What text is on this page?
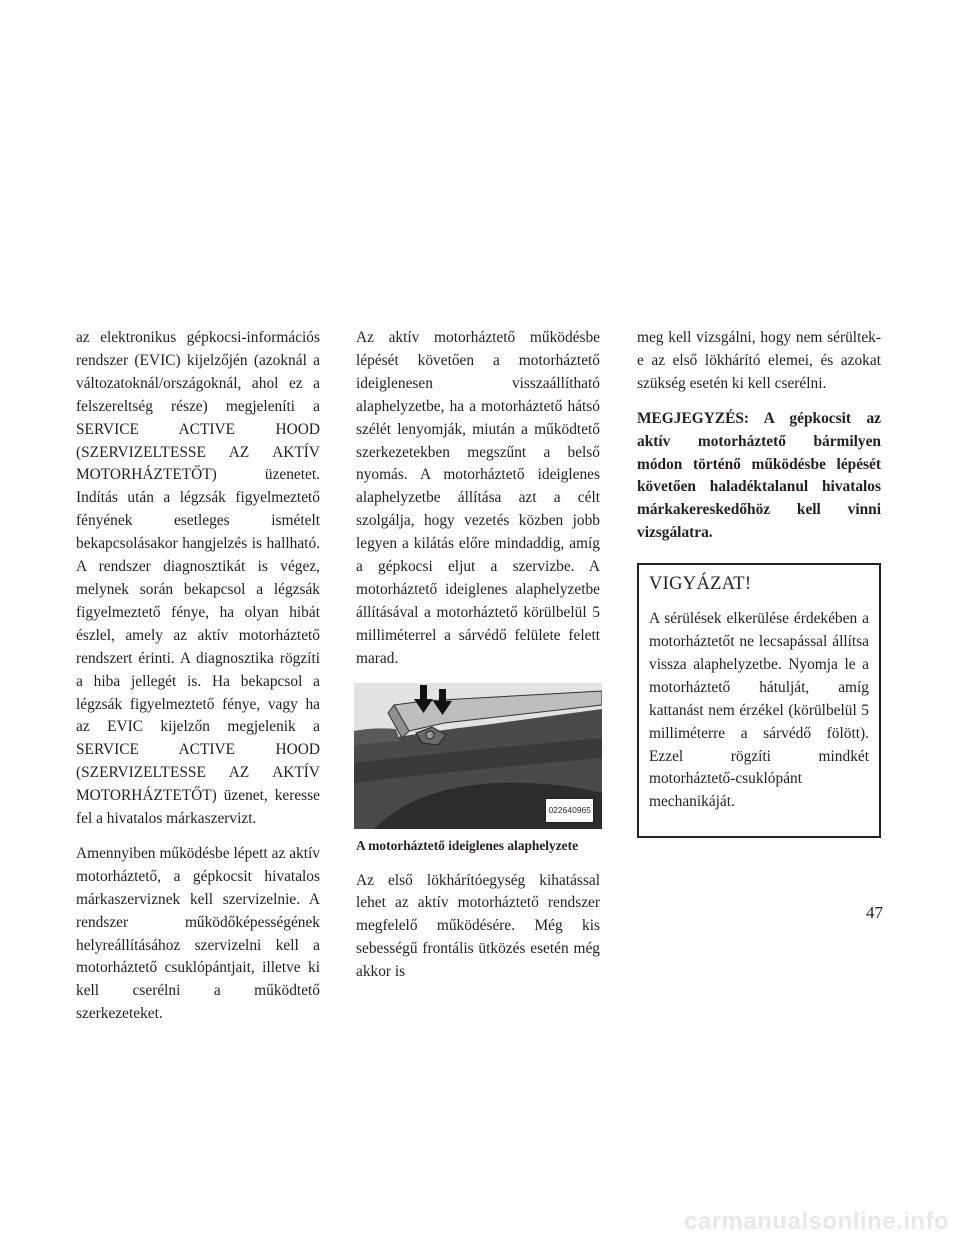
az elektronikus gépkocsi-információs rendszer (EVIC) kijelzőjén (azoknál a változatoknál/országoknál, ahol ez a felszereltség része) megjeleníti a SERVICE ACTIVE HOOD (SZERVIZELTESSE AZ AKTÍV MOTORHÁZTETŐT) üzenetet. Indítás után a légzsák figyelmeztető fényének esetleges ismételt bekapcsolásakor hangjelzés is hallható. A rendszer diagnosztikát is végez, melynek során bekapcsol a légzsák figyelmeztető fénye, ha olyan hibát észlel, amely az aktív motorháztető rendszert érinti. A diagnosztika rögzíti a hiba jellegét is. Ha bekapcsol a légzsák figyelmeztető fénye, vagy ha az EVIC kijelzőn megjelenik a SERVICE ACTIVE HOOD (SZERVIZELTESSE AZ AKTÍV MOTORHÁZTETŐT) üzenet, keresse fel a hivatalos márkaszervizt.

Amennyiben működésbe lépett az aktív motorháztető, a gépkocsit hivatalos márkaszerviznek kell szervizelnie. A rendszer működőképességének helyreállításához szervizelni kell a motorháztető csuklópántjait, illetve ki kell cserélni a működtető szerkezeteket.

Az aktív motorháztető működésbe lépését követően a motorháztető ideiglenesen visszaállítható alaphelyzetbe, ha a motorháztető hátsó szélét lenyomják, miután a működtető szerkezetekben megszűnt a belső nyomás. A motorháztető ideiglenes alaphelyzetbe állítása azt a célt szolgálja, hogy vezetés közben jobb legyen a kilátás előre mindaddig, amíg a gépkocsi eljut a szervizbe. A motorháztető ideiglenes alaphelyzetbe állításával a motorháztető körülbelül 5 milliméterrel a sárvédő felülete felett marad.

022640965

A motorháztető ideiglenes alaphelyzete

Az első lökhárítóegység kihatással lehet az aktív motorháztető rendszer megfelelő működésére. Még kis sebességű frontális ütközés esetén még akkor is

meg kell vizsgálni, hogy nem sérültek-e az első lökhárító elemei, és azokat szükség esetén ki kell cserélni.

MEGJEGYZÉS: A gépkocsit az aktív motorháztető bármilyen módon történő működésbe lépését követően haladéktalanul hivatalos márkakereskedőhöz kell vinni vizsgálatra.

VIGYÁZAT!

A sérülések elkerülése érdekében a motorháztetőt ne lecsapással állítsa vissza alaphelyzetbe. Nyomja le a motorháztető hátulját, amíg kattanást nem érzékel (körülbelül 5 milliméterre a sárvédő fölött). Ezzel rögzíti mindkét motorháztető-csuklópánt mechanikáját.

47
carmanualsonline.info
